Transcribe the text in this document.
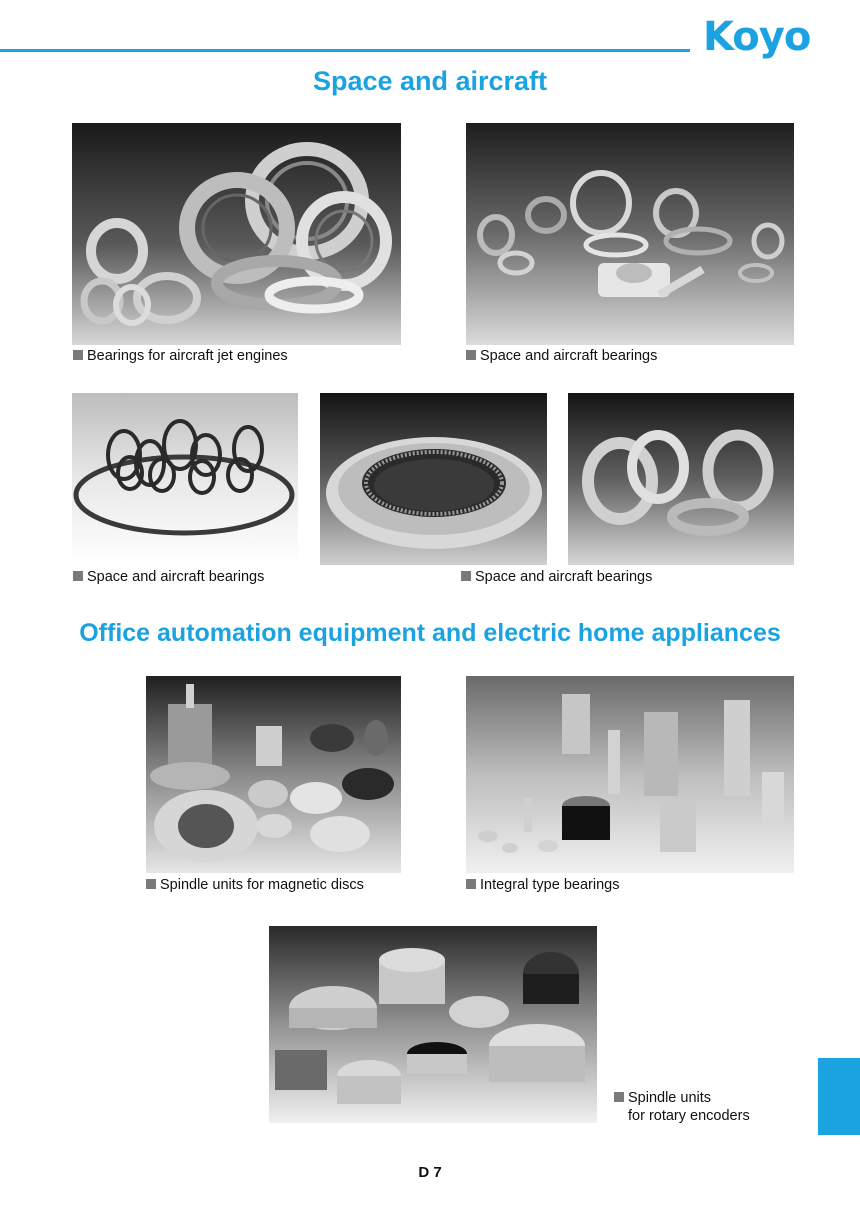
Koyo
Space and aircraft
Bearings for aircraft jet engines	Space and aircraft bearings
Space and aircraft bearings	Space and aircraft bearings
Office automation equipment and electric home appliances
Spindle units for magnetic discs	Integral type bearings
Spindle units
for rotary encoders
D 7
